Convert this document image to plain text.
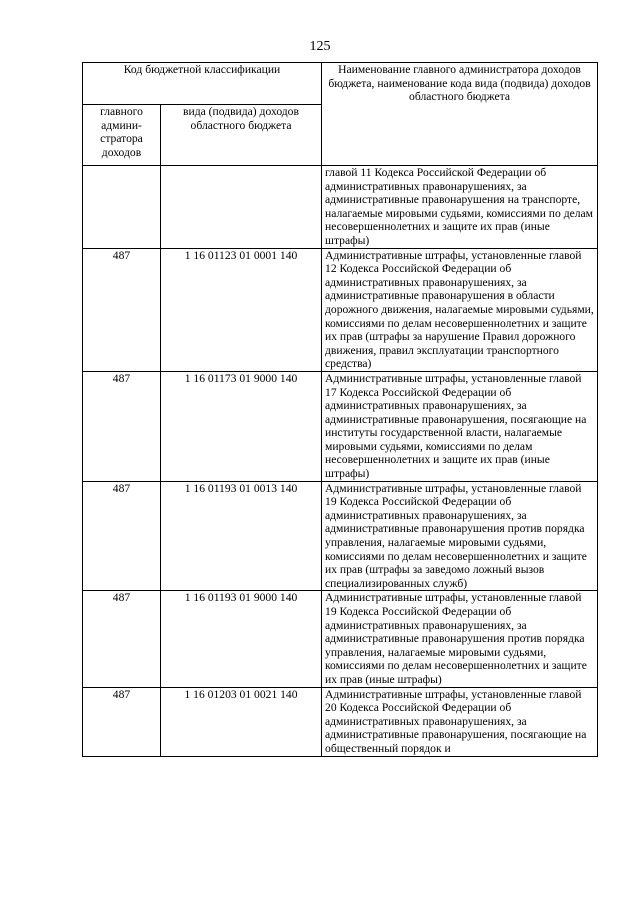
125
Код бюджетной классификации		Наименование главного администратора доходов бюджета, наименование кода вида (подвида) доходов областного бюджета
главного админи-стратора доходов	вида (подвида) доходов областного бюджета	
		главой 11 Кодекса Российской Федерации об административных правонарушениях, за административные правонарушения на транспорте, налагаемые мировыми судьями, комиссиями по делам несовершеннолетних и защите их прав (иные штрафы)
487	1 16 01123 01 0001 140	Административные штрафы, установленные главой 12 Кодекса Российской Федерации об административных правонарушениях, за административные правонарушения в области дорожного движения, налагаемые мировыми судьями, комиссиями по делам несовершеннолетних и защите их прав (штрафы за нарушение Правил дорожного движения, правил эксплуатации транспортного средства)
487	1 16 01173 01 9000 140	Административные штрафы, установленные главой 17 Кодекса Российской Федерации об административных правонарушениях, за административные правонарушения, посягающие на институты государственной власти, налагаемые мировыми судьями, комиссиями по делам несовершеннолетних и защите их прав (иные штрафы)
487	1 16 01193 01 0013 140	Административные штрафы, установленные главой 19 Кодекса Российской Федерации об административных правонарушениях, за административные правонарушения против порядка управления, налагаемые мировыми судьями, комиссиями по делам несовершеннолетних и защите их прав (штрафы за заведомо ложный вызов специализированных служб)
487	1 16 01193 01 9000 140	Административные штрафы, установленные главой 19 Кодекса Российской Федерации об административных правонарушениях, за административные правонарушения против порядка управления, налагаемые мировыми судьями, комиссиями по делам несовершеннолетних и защите их прав (иные штрафы)
487	1 16 01203 01 0021 140	Административные штрафы, установленные главой 20 Кодекса Российской Федерации об административных правонарушениях, за административные правонарушения, посягающие на общественный порядок и
